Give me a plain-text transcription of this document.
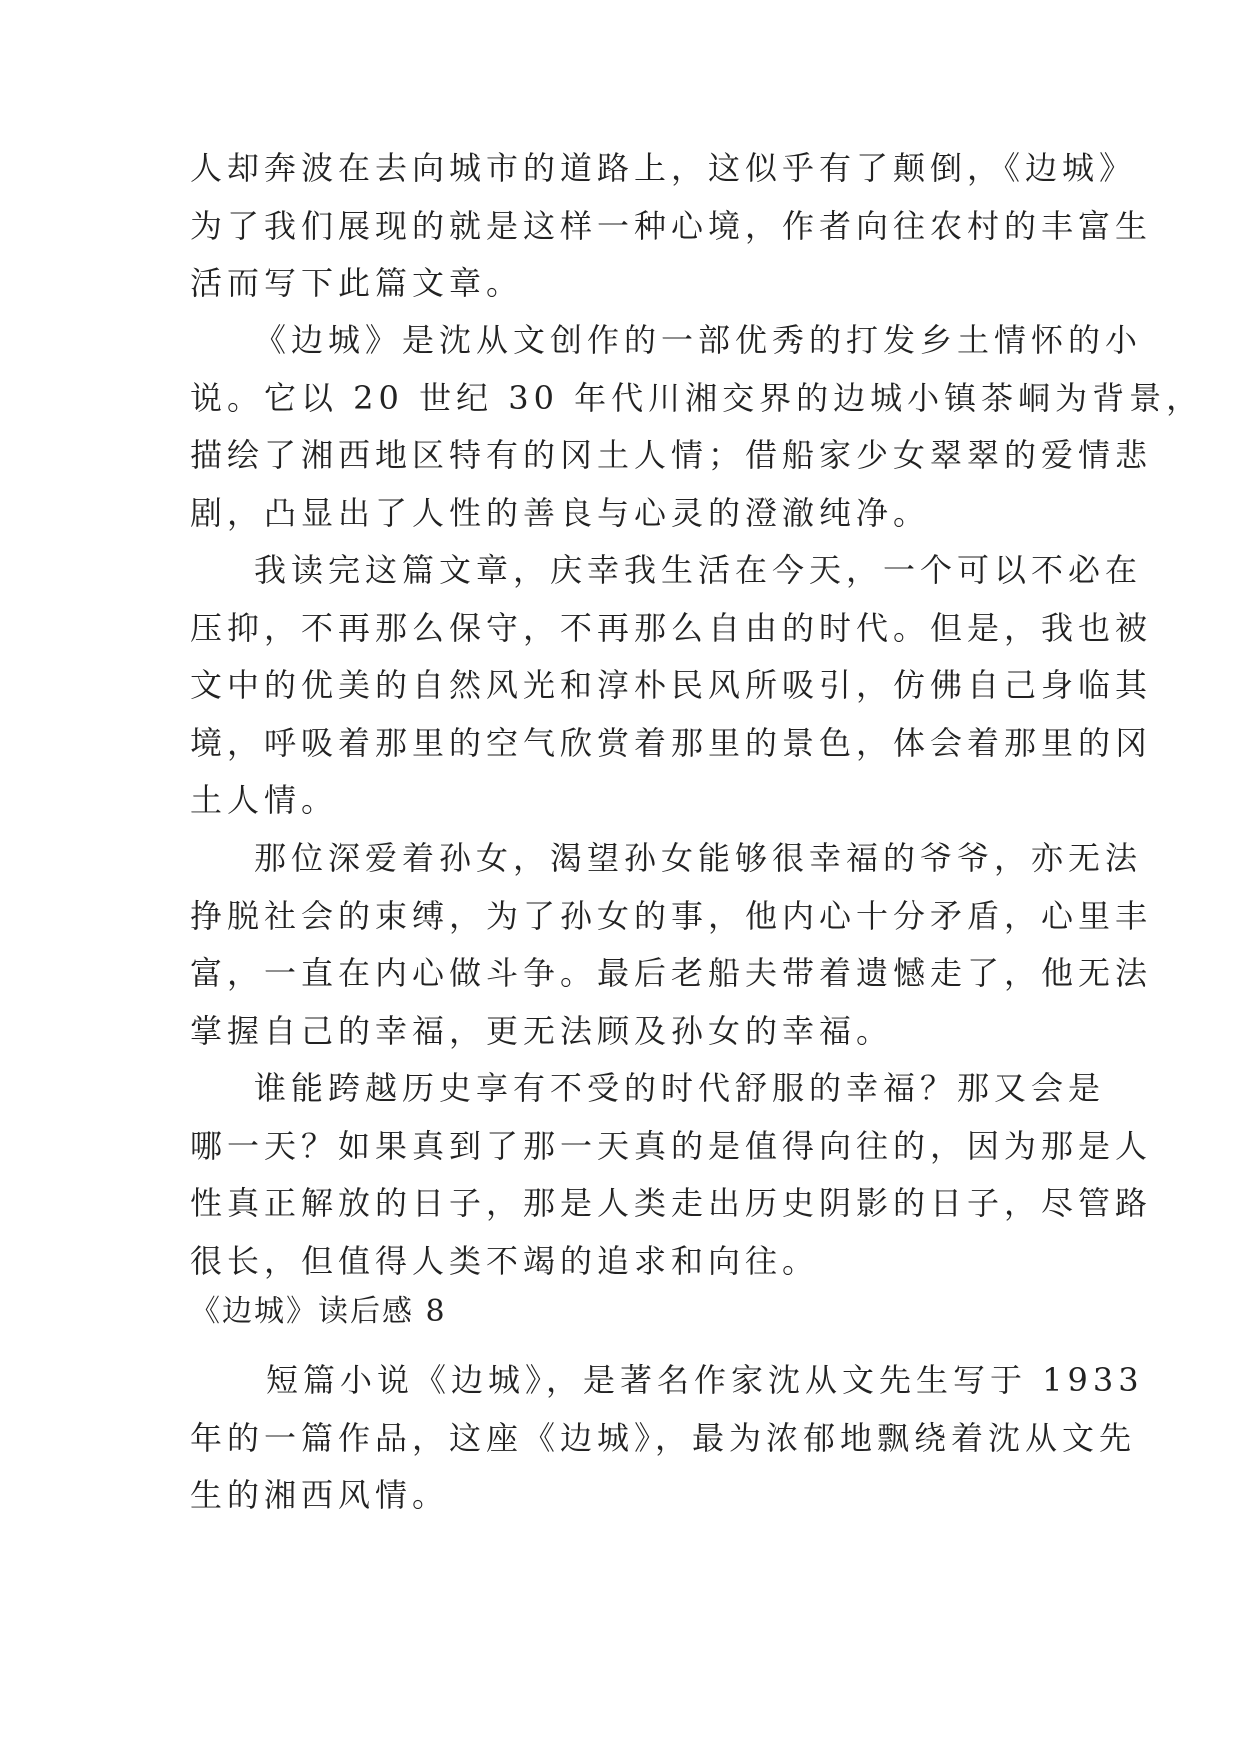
人却奔波在去向城市的道路上，这似乎有了颠倒，《边城》
为了我们展现的就是这样一种心境，作者向往农村的丰富生
活而写下此篇文章。
《边城》是沈从文创作的一部优秀的打发乡土情怀的小
说。它以 20 世纪 30 年代川湘交界的边城小镇茶峒为背景，
描绘了湘西地区特有的冈土人情；借船家少女翠翠的爱情悲
剧，凸显出了人性的善良与心灵的澄澈纯净。
我读完这篇文章，庆幸我生活在今天，一个可以不必在
压抑，不再那么保守，不再那么自由的时代。但是，我也被
文中的优美的自然风光和淳朴民风所吸引，仿佛自己身临其
境，呼吸着那里的空气欣赏着那里的景色，体会着那里的冈
土人情。
那位深爱着孙女，渴望孙女能够很幸福的爷爷，亦无法
挣脱社会的束缚，为了孙女的事，他内心十分矛盾，心里丰
富，一直在内心做斗争。最后老船夫带着遗憾走了，他无法
掌握自己的幸福，更无法顾及孙女的幸福。
谁能跨越历史享有不受的时代舒服的幸福？那又会是
哪一天？如果真到了那一天真的是值得向往的，因为那是人
性真正解放的日子，那是人类走出历史阴影的日子，尽管路
很长，但值得人类不竭的追求和向往。
《边城》读后感 8
短篇小说《边城》，是著名作家沈从文先生写于 1933
年的一篇作品，这座《边城》，最为浓郁地飘绕着沈从文先
生的湘西风情。
